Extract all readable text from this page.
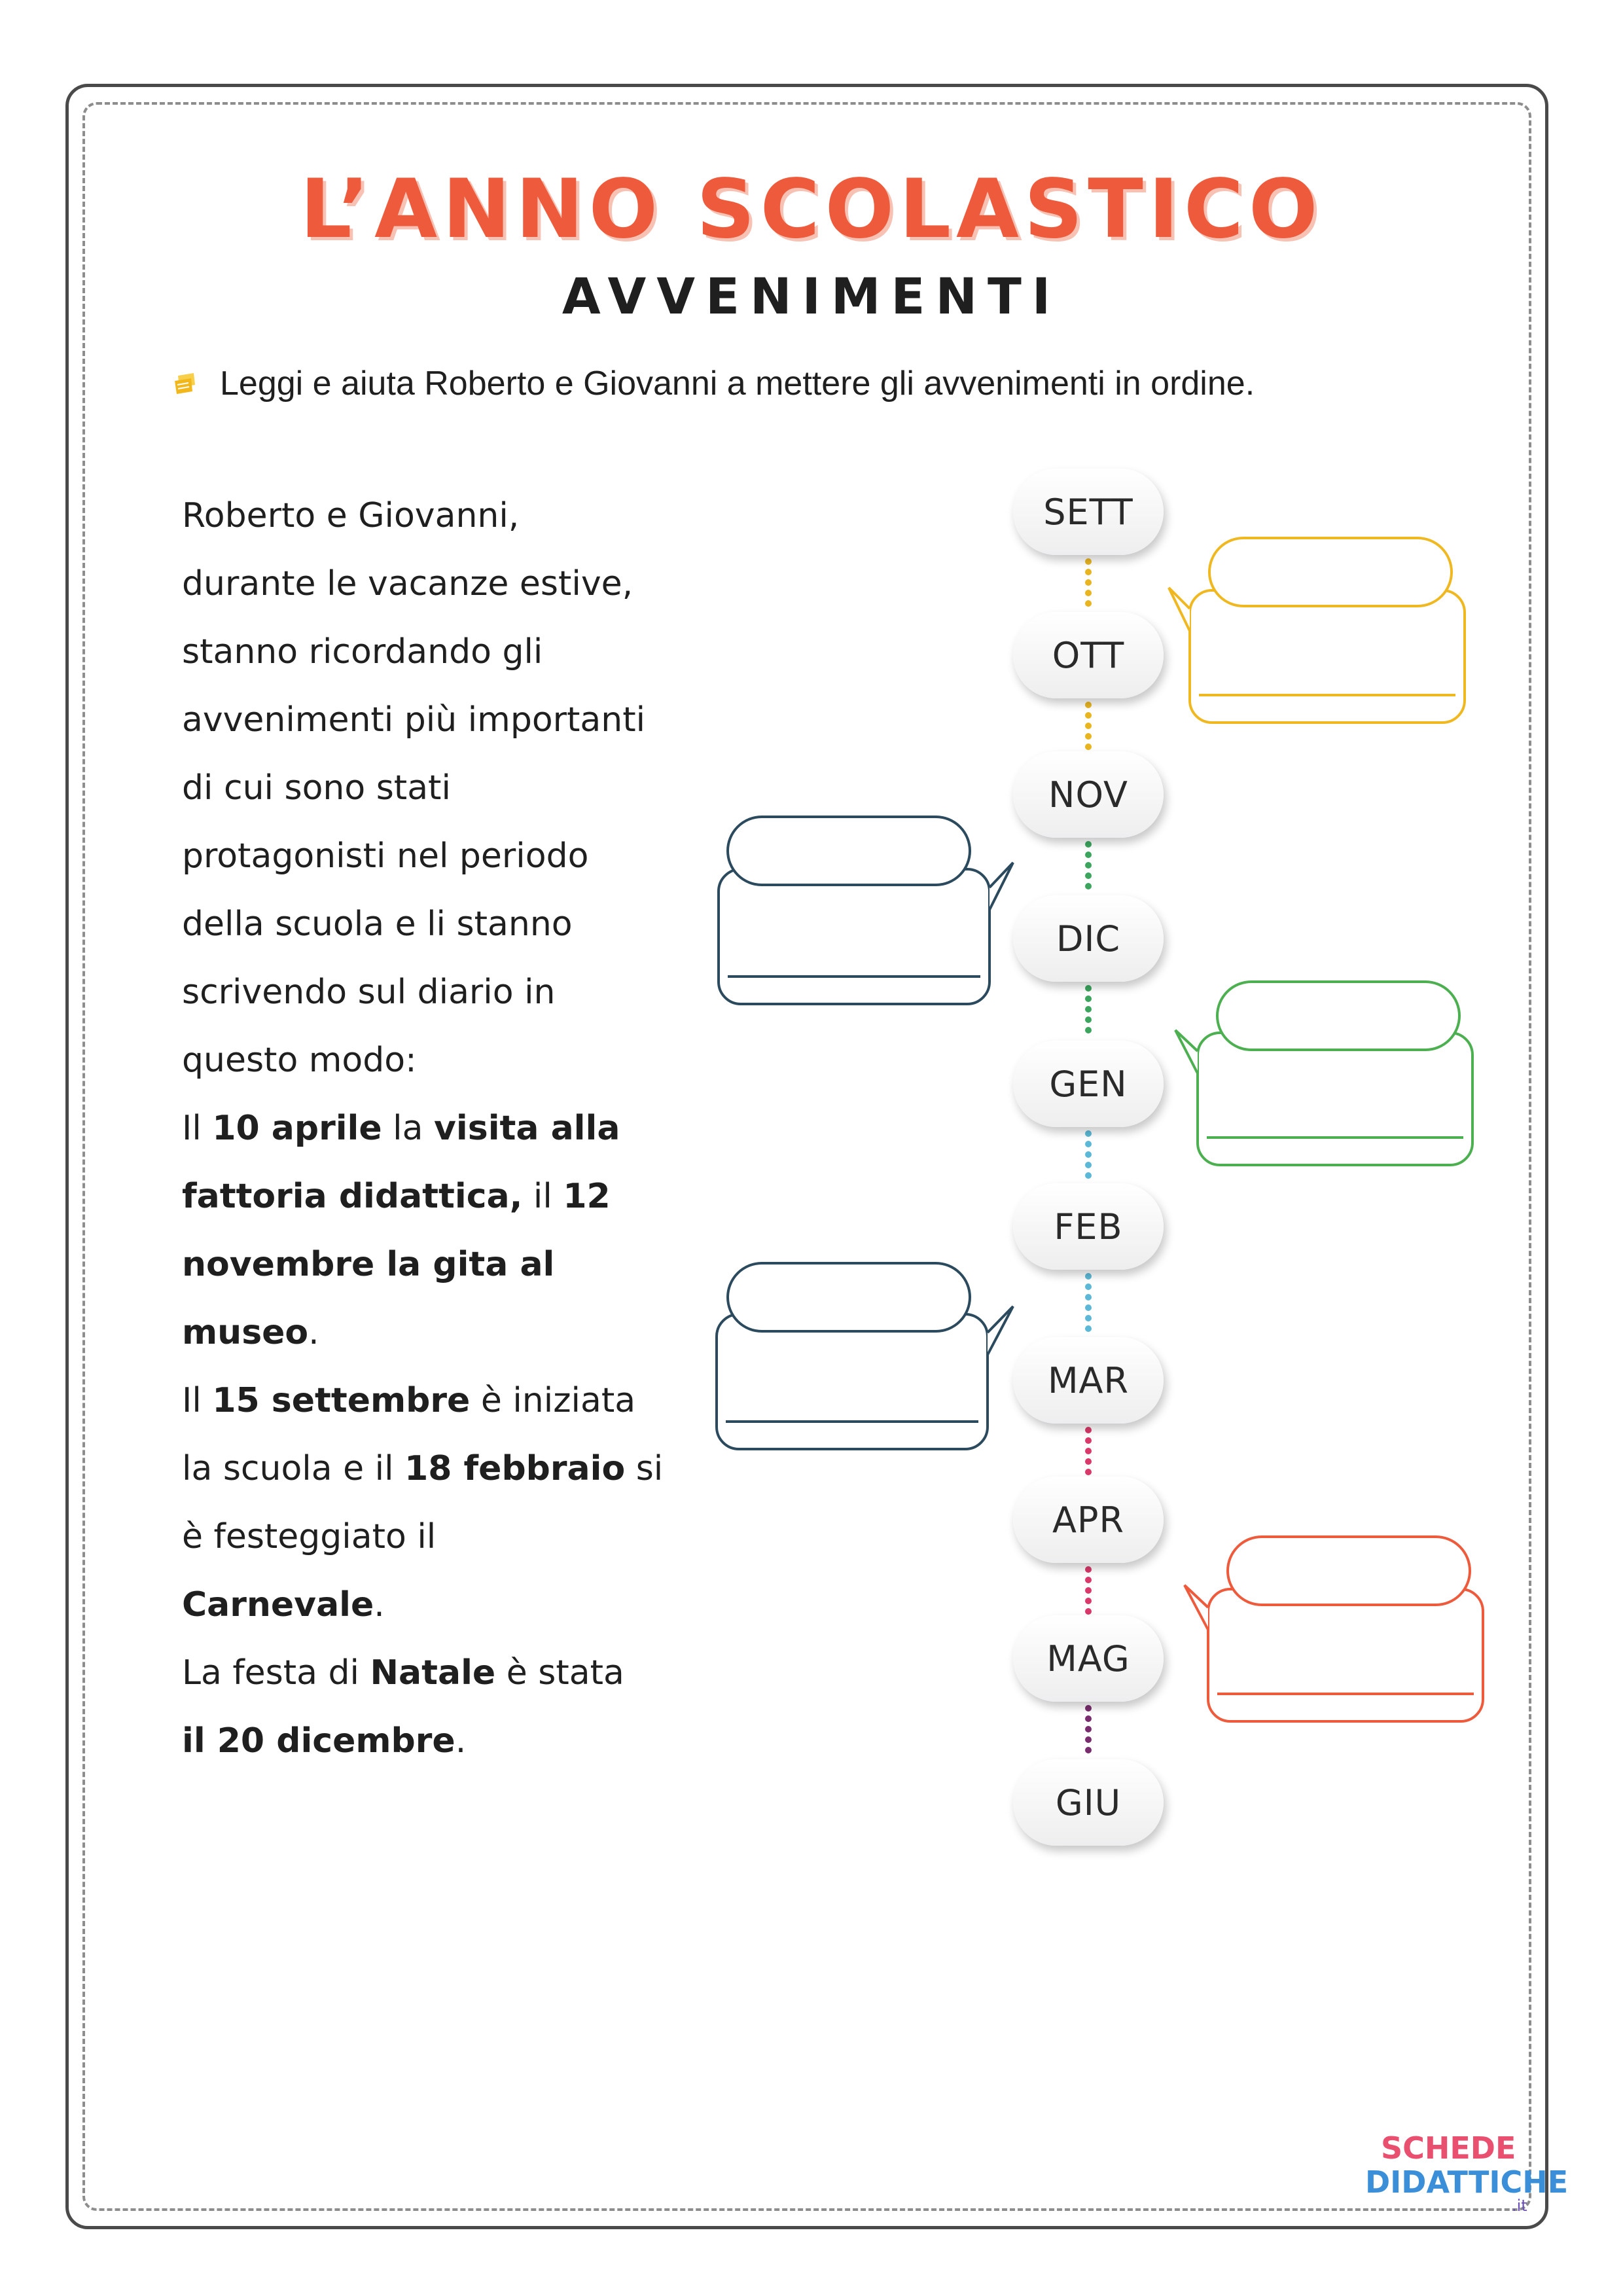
L’ANNO SCOLASTICO
AVVENIMENTI
Leggi e aiuta Roberto e Giovanni a mettere gli avvenimenti in ordine.
Roberto e Giovanni,
durante le vacanze estive,
stanno ricordando gli
avvenimenti più importanti
di cui sono stati
protagonisti nel periodo
della scuola e li stanno
scrivendo sul diario in
questo modo:
Il 10 aprile la visita alla
fattoria didattica, il 12
novembre la gita al
museo.
Il 15 settembre è iniziata
la scuola e il 18 febbraio si
è festeggiato il
Carnevale.
La festa di Natale è stata
il 20 dicembre.
SETT
OTT
NOV
DIC
GEN
FEB
MAR
APR
MAG
GIU
SCHEDE
DIDATTICHE
.it
